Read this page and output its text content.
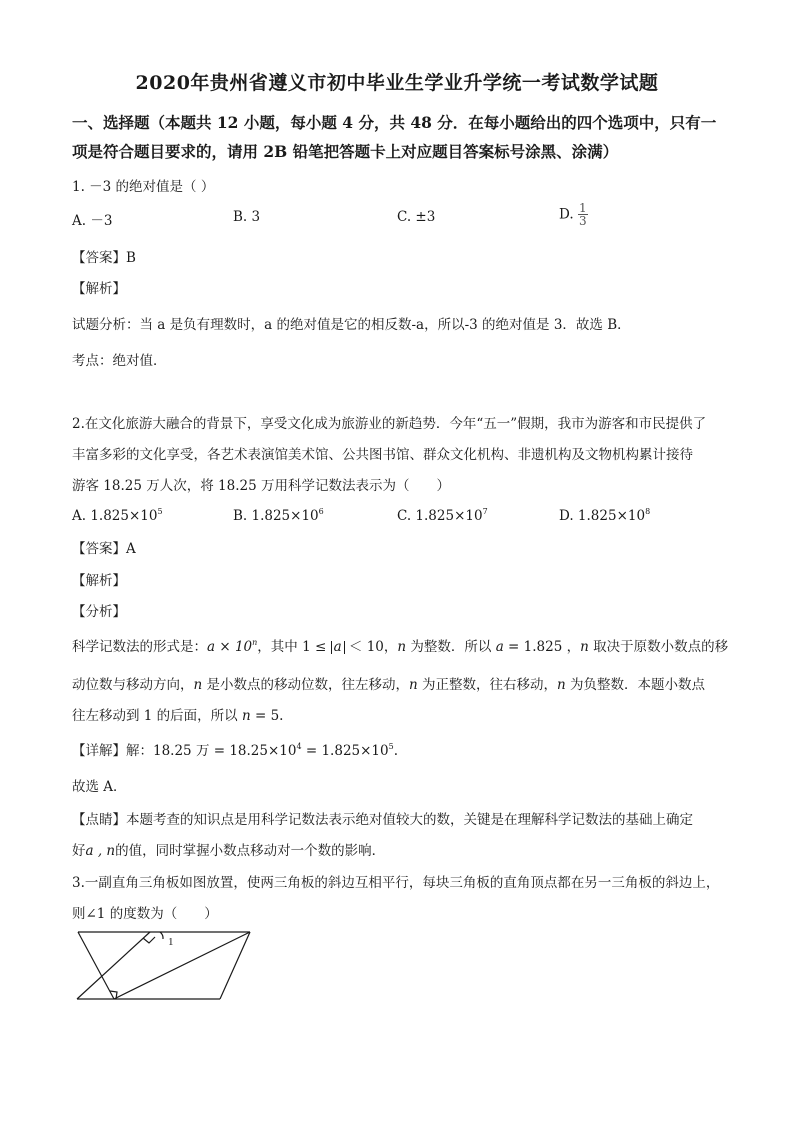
2020年贵州省遵义市初中毕业生学业升学统一考试数学试题
一、选择题（本题共 12 小题，每小题 4 分，共 48 分．在每小题给出的四个选项中，只有一
项是符合题目要求的，请用 2B 铅笔把答题卡上对应题目答案标号涂黑、涂满）
1. －3 的绝对值是（ ）
A. －3	B. 3	C. ±3	D. $\frac{1}{3}$
【答案】B
【解析】
试题分析：当 a 是负有理数时，a 的绝对值是它的相反数-a，所以-3 的绝对值是 3．故选 B．
考点：绝对值．
2.在文化旅游大融合的背景下，享受文化成为旅游业的新趋势．今年“五一”假期，我市为游客和市民提供了
丰富多彩的文化享受，各艺术表演馆美术馆、公共图书馆、群众文化机构、非遗机构及文物机构累计接待
游客 18.25 万人次，将 18.25 万用科学记数法表示为（　　）
A. $1.825\times 10^5$	B. $1.825\times 10^6$	C. $1.825\times 10^7$	D. $1.825\times 10^8$
【答案】A
【解析】
【分析】
科学记数法的形式是：$a \times 10^n$，其中 1 ≤ a ＜ 10，n 为整数．所以 a = 1.825 ，n 取决于原数小数点的移
动位数与移动方向，n 是小数点的移动位数，往左移动，n 为正整数，往右移动，n 为负整数．本题小数点
往左移动到 1 的后面，所以 n = 5.
【详解】解：18.25 万 = $18.25\times 10^4 = 1.825\times 10^5$.
故选 A．
【点睛】本题考查的知识点是用科学记数法表示绝对值较大的数，关键是在理解科学记数法的基础上确定
好a , n的值，同时掌握小数点移动对一个数的影响．
3.一副直角三角板如图放置，使两三角板的斜边互相平行，每块三角板的直角顶点都在另一三角板的斜边上，
则∠1 的度数为（　　）
1
